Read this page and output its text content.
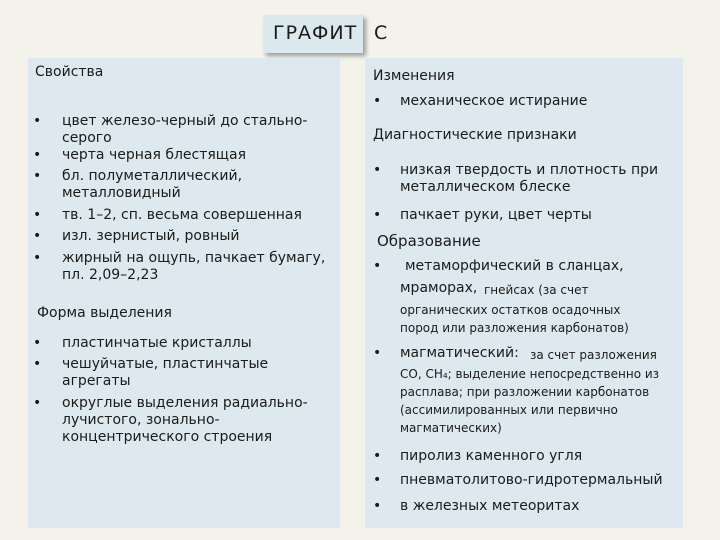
ГРАФИТ C
Свойства
• цвет железо-черный до стально-
серого
• черта черная блестящая
• бл. полуметаллический,
металловидный
• тв. 1–2, сп. весьма совершенная
• изл. зернистый, ровный
• жирный на ощупь, пачкает бумагу,
пл. 2,09–2,23
Форма выделения
• пластинчатые кристаллы
• чешуйчатые, пластинчатые
агрегаты
• округлые выделения радиально-
лучистого, зонально-
концентрического строения
Изменения
• механическое истирание
Диагностические признаки
• низкая твердость и плотность при
металлическом блеске
• пачкает руки, цвет черты
Образование
• метаморфический в сланцах,
мраморах, гнейсах (за счет
органических остатков осадочных
пород или разложения карбонатов)
• магматический: за счет разложения
СО, СН₄; выделение непосредственно из
расплава; при разложении карбонатов
(ассимилированных или первично
магматических)
• пиролиз каменного угля
• пневматолитово-гидротермальный
• в железных метеоритах
